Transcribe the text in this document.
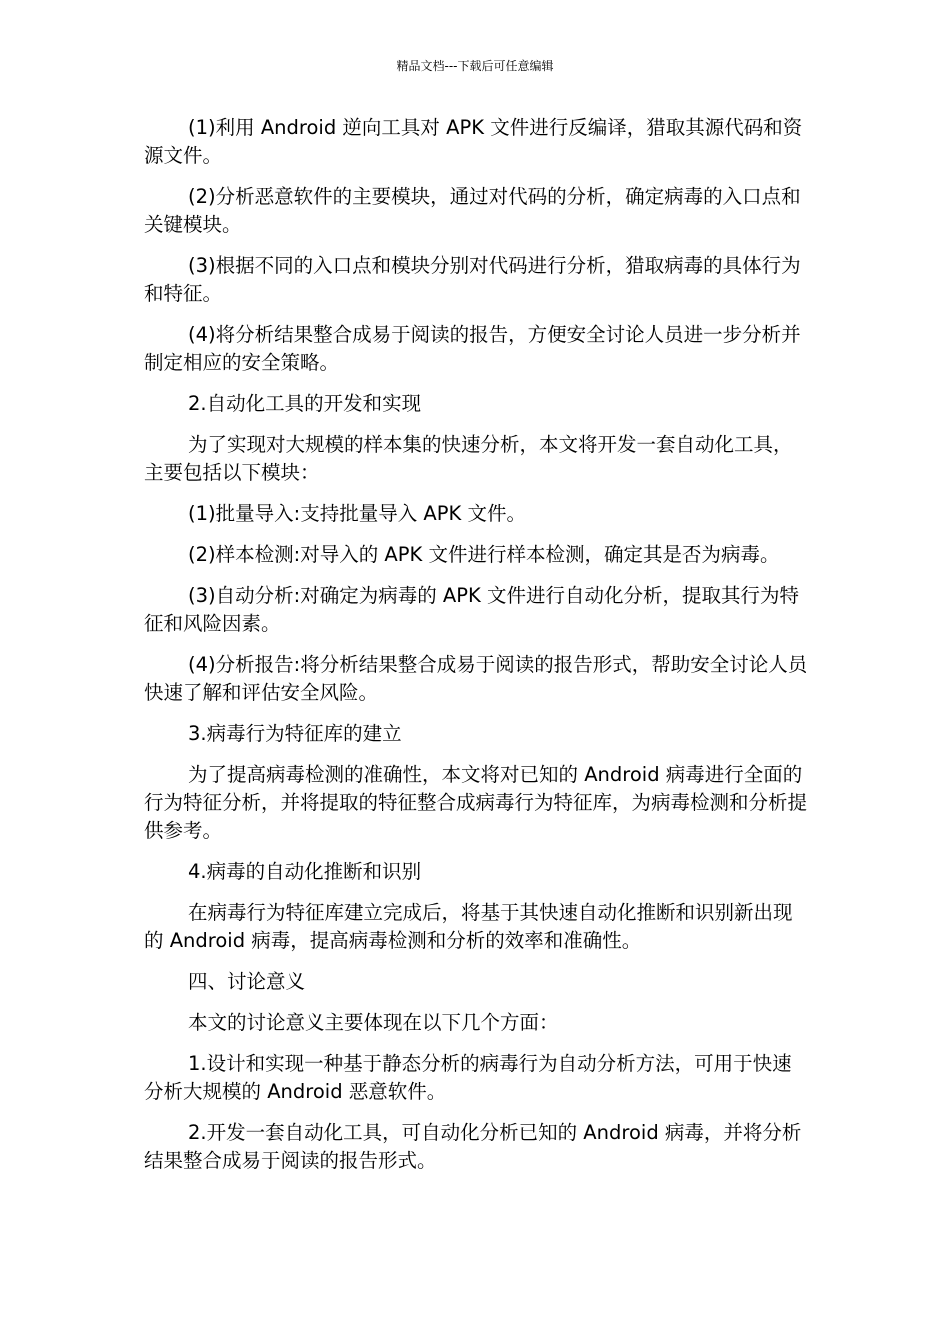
精品文档---下载后可任意编辑

(1)利用 Android 逆向工具对 APK 文件进行反编译，猎取其源代码和资源文件。

(2)分析恶意软件的主要模块，通过对代码的分析，确定病毒的入口点和关键模块。

(3)根据不同的入口点和模块分别对代码进行分析，猎取病毒的具体行为和特征。

(4)将分析结果整合成易于阅读的报告，方便安全讨论人员进一步分析并制定相应的安全策略。

2.自动化工具的开发和实现

为了实现对大规模的样本集的快速分析，本文将开发一套自动化工具，主要包括以下模块：

(1)批量导入:支持批量导入 APK 文件。

(2)样本检测:对导入的 APK 文件进行样本检测，确定其是否为病毒。

(3)自动分析:对确定为病毒的 APK 文件进行自动化分析，提取其行为特征和风险因素。

(4)分析报告:将分析结果整合成易于阅读的报告形式，帮助安全讨论人员快速了解和评估安全风险。

3.病毒行为特征库的建立

为了提高病毒检测的准确性，本文将对已知的 Android 病毒进行全面的行为特征分析，并将提取的特征整合成病毒行为特征库，为病毒检测和分析提供参考。

4.病毒的自动化推断和识别

在病毒行为特征库建立完成后，将基于其快速自动化推断和识别新出现的 Android 病毒，提高病毒检测和分析的效率和准确性。

四、讨论意义

本文的讨论意义主要体现在以下几个方面：

1.设计和实现一种基于静态分析的病毒行为自动分析方法，可用于快速分析大规模的 Android 恶意软件。

2.开发一套自动化工具，可自动化分析已知的 Android 病毒，并将分析结果整合成易于阅读的报告形式。
